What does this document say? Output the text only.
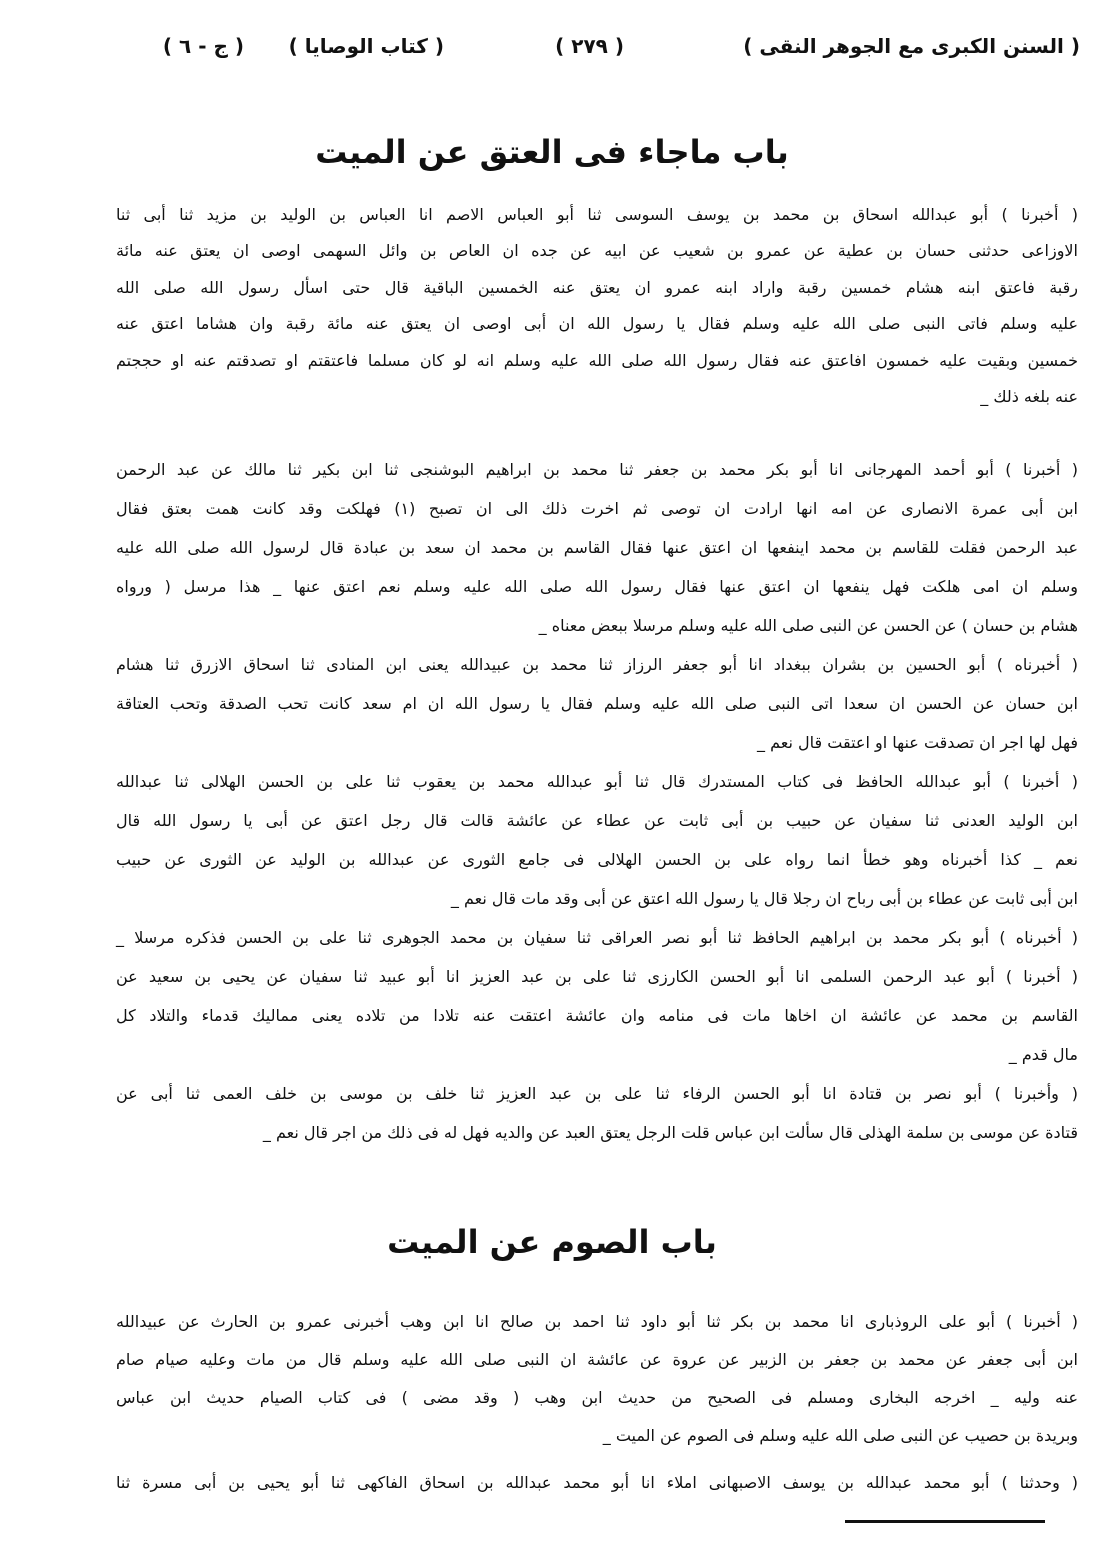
( السنن الكبرى مع الجوهر النقى )
( ٢٧٩ )
( كتاب الوصايا )
( ج - ٦ )
باب ماجاء فى العتق عن الميت
( أخبرنا ) أبو عبدالله اسحاق بن محمد بن يوسف السوسى ثنا أبو العباس الاصم انا العباس بن الوليد بن مزيد ثنا أبى ثنا
الاوزاعى حدثنى حسان بن عطية عن عمرو بن شعيب عن ابيه عن جده ان العاص بن وائل السهمى اوصى ان يعتق عنه مائة
رقبة فاعتق ابنه هشام خمسين رقبة واراد ابنه عمرو ان يعتق عنه الخمسين الباقية قال حتى اسأل رسول الله صلى الله
عليه وسلم فاتى النبى صلى الله عليه وسلم فقال يا رسول الله ان أبى اوصى ان يعتق عنه مائة رقبة وان هشاما اعتق عنه
خمسين وبقيت عليه خمسون افاعتق عنه فقال رسول الله صلى الله عليه وسلم انه لو كان مسلما فاعتقتم او تصدقتم عنه او حججتم
عنه بلغه ذلك _
( أخبرنا ) أبو أحمد المهرجانى انا أبو بكر محمد بن جعفر ثنا محمد بن ابراهيم البوشنجى ثنا ابن بكير ثنا مالك عن عبد الرحمن
ابن أبى عمرة الانصارى عن امه انها ارادت ان توصى ثم اخرت ذلك الى ان تصبح (١) فهلكت وقد كانت همت بعتق فقال
عبد الرحمن فقلت للقاسم بن محمد اينفعها ان اعتق عنها فقال القاسم بن محمد ان سعد بن عبادة قال لرسول الله صلى الله عليه
وسلم ان امى هلكت فهل ينفعها ان اعتق عنها فقال رسول الله صلى الله عليه وسلم نعم اعتق عنها _ هذا مرسل ( ورواه
هشام بن حسان ) عن الحسن عن النبى صلى الله عليه وسلم مرسلا ببعض معناه _
( أخبرناه ) أبو الحسين بن بشران ببغداد انا أبو جعفر الرزاز ثنا محمد بن عبيدالله يعنى ابن المنادى ثنا اسحاق الازرق ثنا هشام
ابن حسان عن الحسن ان سعدا اتى النبى صلى الله عليه وسلم فقال يا رسول الله ان ام سعد كانت تحب الصدقة وتحب العتاقة
فهل لها اجر ان تصدقت عنها او اعتقت قال نعم _
( أخبرنا ) أبو عبدالله الحافظ فى كتاب المستدرك قال ثنا أبو عبدالله محمد بن يعقوب ثنا على بن الحسن الهلالى ثنا عبدالله
ابن الوليد العدنى ثنا سفيان عن حبيب بن أبى ثابت عن عطاء عن عائشة قالت قال رجل اعتق عن أبى يا رسول الله قال
نعم _ كذا أخبرناه وهو خطأ انما رواه على بن الحسن الهلالى فى جامع الثورى عن عبدالله بن الوليد عن الثورى عن حبيب
ابن أبى ثابت عن عطاء بن أبى رباح ان رجلا قال يا رسول الله اعتق عن أبى وقد مات قال نعم _
( أخبرناه ) أبو بكر محمد بن ابراهيم الحافظ ثنا أبو نصر العراقى ثنا سفيان بن محمد الجوهرى ثنا على بن الحسن فذكره مرسلا _
( أخبرنا ) أبو عبد الرحمن السلمى انا أبو الحسن الكارزى ثنا على بن عبد العزيز انا أبو عبيد ثنا سفيان عن يحيى بن سعيد عن
القاسم بن محمد عن عائشة ان اخاها مات فى منامه وان عائشة اعتقت عنه تلادا من تلاده يعنى مماليك قدماء والتلاد كل
مال قدم _
( وأخبرنا ) أبو نصر بن قتادة انا أبو الحسن الرفاء ثنا على بن عبد العزيز ثنا خلف بن موسى بن خلف العمى ثنا أبى عن
قتادة عن موسى بن سلمة الهذلى قال سألت ابن عباس قلت الرجل يعتق العبد عن والديه فهل له فى ذلك من اجر قال نعم _
باب الصوم عن الميت
( أخبرنا ) أبو على الروذبارى انا محمد بن بكر ثنا أبو داود ثنا احمد بن صالح انا ابن وهب أخبرنى عمرو بن الحارث عن عبيدالله
ابن أبى جعفر عن محمد بن جعفر بن الزبير عن عروة عن عائشة ان النبى صلى الله عليه وسلم قال من مات وعليه صيام صام
عنه وليه _ اخرجه البخارى ومسلم فى الصحيح من حديث ابن وهب ( وقد مضى ) فى كتاب الصيام حديث ابن عباس
وبريدة بن حصيب عن النبى صلى الله عليه وسلم فى الصوم عن الميت _
( وحدثنا ) أبو محمد عبدالله بن يوسف الاصبهانى املاء انا أبو محمد عبدالله بن اسحاق الفاكهى ثنا أبو يحيى بن أبى مسرة ثنا
